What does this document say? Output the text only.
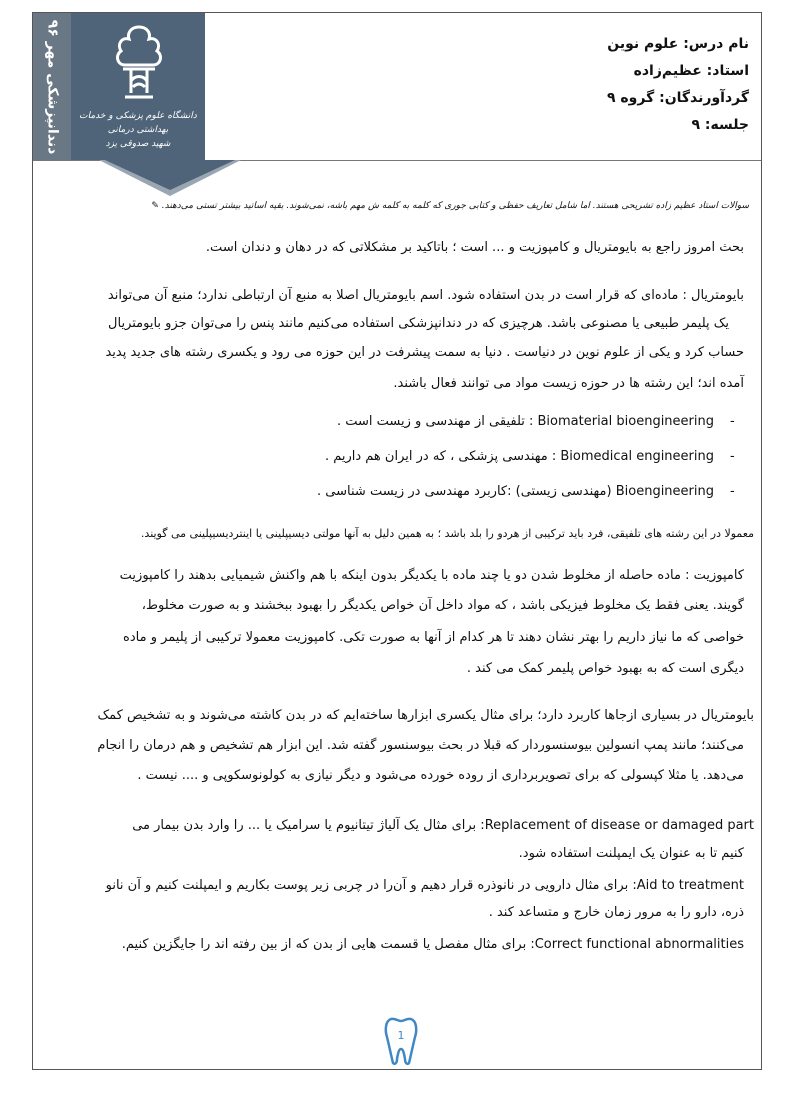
دندانپزشکی مهر ۹۶ دانشگاه علوم پزشکی و خدمات بهداشتی درمانی
شهید صدوقی یزد
نام درس: علوم نوین
استاد: عظیم‌زاده
گردآورندگان: گروه ۹
جلسه: ۹
سوالات استاد عظیم زاده تشریحی هستند. اما شامل تعاریف حفظی و کتابی جوری که کلمه به کلمه ش مهم باشه، نمی‌شوند. بقیه اساتید بیشتر تستی می‌دهند. ✎
بحث امروز راجع به بایومتریال و کامپوزیت و ... است ؛ باتاکید بر مشکلاتی که در دهان و دندان است.
بایومتریال : ماده‌ای که قرار است در بدن استفاده شود. اسم بایومتریال اصلا به منبع آن ارتباطی ندارد؛ منبع آن می‌تواند
یک پلیمر طبیعی یا مصنوعی باشد. هرچیزی که در دندانپزشکی استفاده می‌کنیم مانند پنس را می‌توان جزو بایومتریال
حساب کرد و یکی از علوم نوین در دنیاست . دنیا به سمت پیشرفت در این حوزه می رود و یکسری رشته های جدید پدید
آمده اند؛ این رشته ها در حوزه زیست مواد می توانند فعال باشند.
Biomaterial bioengineering : تلفیقی از مهندسی و زیست است .	-
Biomedical engineering : مهندسی پزشکی ، که در ایران هم داریم .	-
Bioengineering (مهندسی زیستی) :کاربرد مهندسی در زیست شناسی .	-
معمولا در این رشته های تلفیقی، فرد باید ترکیبی از هردو را بلد باشد ؛ به همین دلیل به آنها مولتی دیسیپلینی یا اینتردیسیپلینی می گویند.
کامپوزیت : ماده حاصله از مخلوط شدن دو یا چند ماده با یکدیگر بدون اینکه با هم واکنش شیمیایی بدهند را کامپوزیت
گویند. یعنی فقط یک مخلوط فیزیکی باشد ، که مواد داخل آن خواص یکدیگر را بهبود ببخشند و به صورت مخلوط،
خواصی که ما نیاز داریم را بهتر نشان دهند تا هر کدام از آنها به صورت تکی. کامپوزیت معمولا ترکیبی از پلیمر و ماده
دیگری است که به بهبود خواص پلیمر کمک می کند .
بایومتریال در بسیاری ازجاها کاربرد دارد؛ برای مثال یکسری ابزارها ساخته‌ایم که در بدن کاشته می‌شوند و به تشخیص کمک
می‌کنند؛ مانند پمپ انسولین بیوسنسوردار که قبلا در بحث بیوسنسور گفته شد. این ابزار هم تشخیص و هم درمان را انجام
می‌دهد. یا مثلا کپسولی که برای تصویربرداری از روده خورده می‌شود و دیگر نیازی به کولونوسکوپی و .... نیست .
Replacement of disease or damaged part: برای مثال یک آلیاژ تیتانیوم یا سرامیک یا ... را وارد بدن بیمار می
کنیم تا به عنوان یک ایمپلنت استفاده شود.
Aid to treatment: برای مثال دارویی در نانوذره قرار دهیم و آن‌را در چربی زیر پوست بکاریم و ایمپلنت کنیم و آن نانو
ذره، دارو را به مرور زمان خارج و متساعد کند .
Correct functional abnormalities: برای مثال مفصل یا قسمت هایی از بدن که از بین رفته اند را جایگزین کنیم.
1
